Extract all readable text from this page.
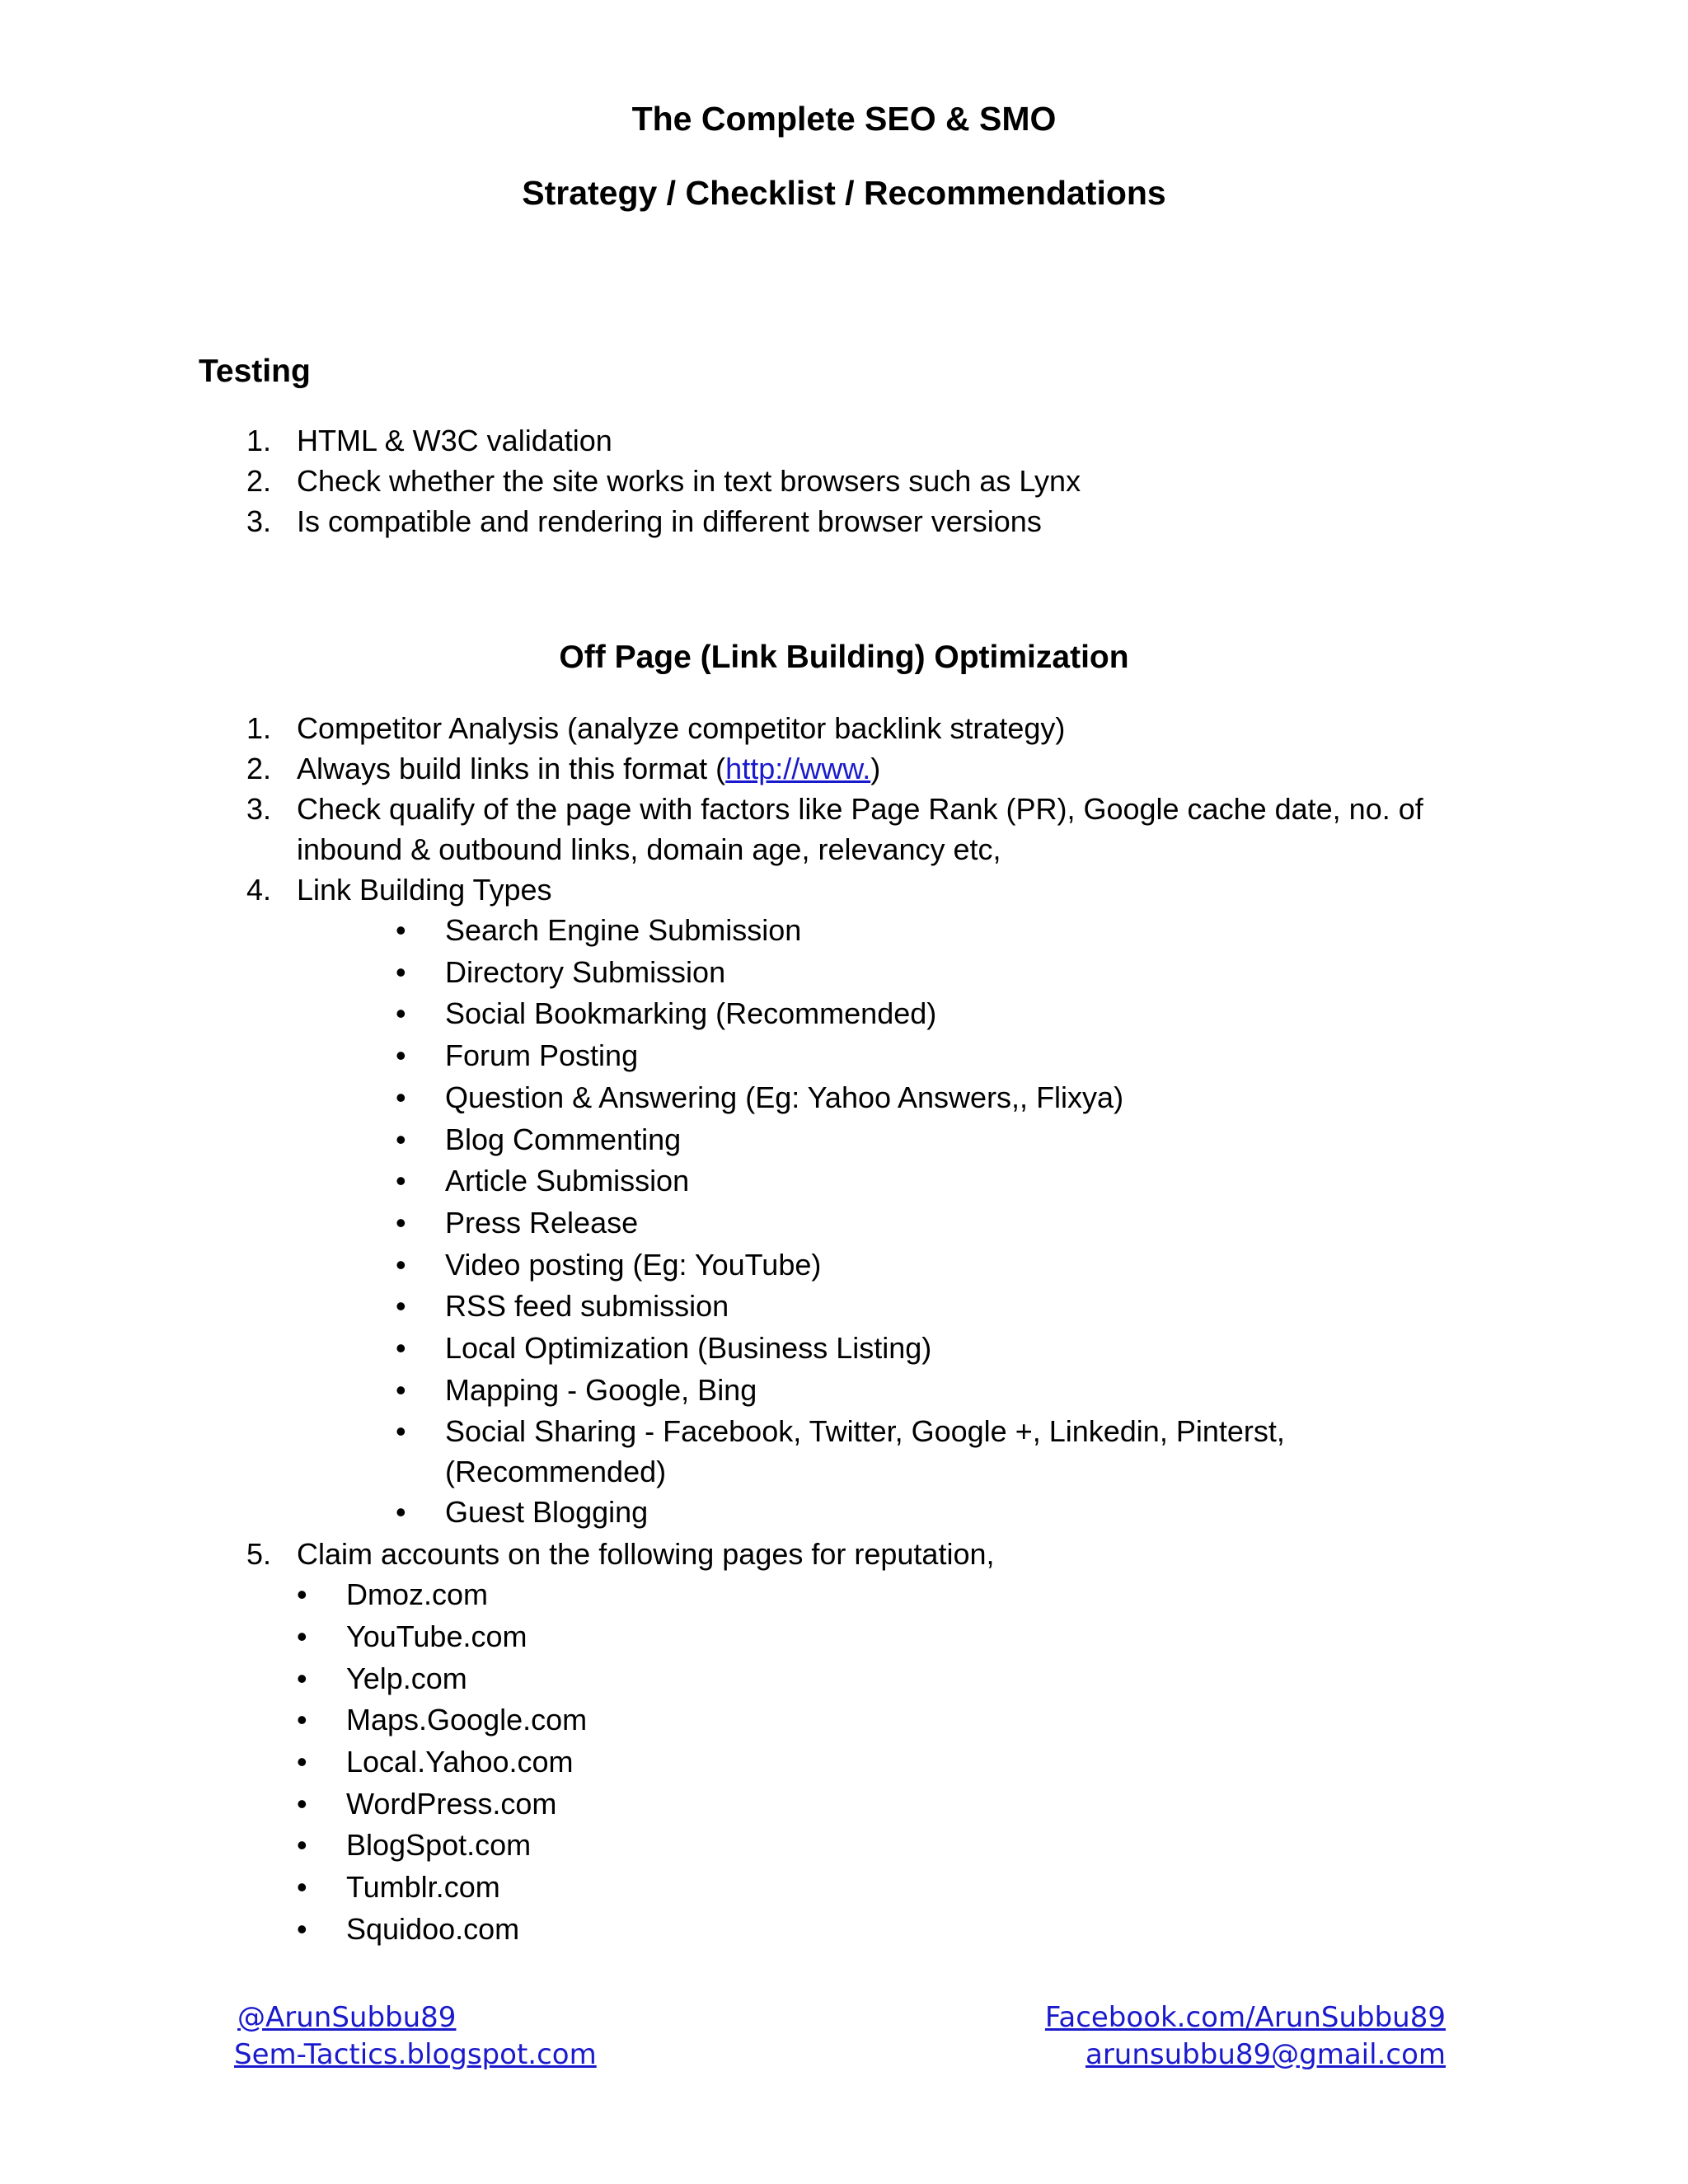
The Complete SEO & SMO
Strategy / Checklist / Recommendations
Testing
1. HTML & W3C validation
2. Check whether the site works in text browsers such as Lynx
3. Is compatible and rendering in different browser versions
Off Page (Link Building) Optimization
1. Competitor Analysis (analyze competitor backlink strategy)
2. Always build links in this format (http://www.)
3. Check qualify of the page with factors like Page Rank (PR), Google cache date, no. of
inbound & outbound links, domain age, relevancy etc,
4. Link Building Types
• Search Engine Submission
• Directory Submission
• Social Bookmarking (Recommended)
• Forum Posting
• Question & Answering (Eg: Yahoo Answers,, Flixya)
• Blog Commenting
• Article Submission
• Press Release
• Video posting (Eg: YouTube)
• RSS feed submission
• Local Optimization (Business Listing)
• Mapping - Google, Bing
• Social Sharing - Facebook, Twitter, Google +, Linkedin, Pinterst,
(Recommended)
• Guest Blogging
5. Claim accounts on the following pages for reputation,
• Dmoz.com
• YouTube.com
• Yelp.com
• Maps.Google.com
• Local.Yahoo.com
• WordPress.com
• BlogSpot.com
• Tumblr.com
• Squidoo.com
@ArunSubbu89
Sem-Tactics.blogspot.com
Facebook.com/ArunSubbu89
arunsubbu89@gmail.com
